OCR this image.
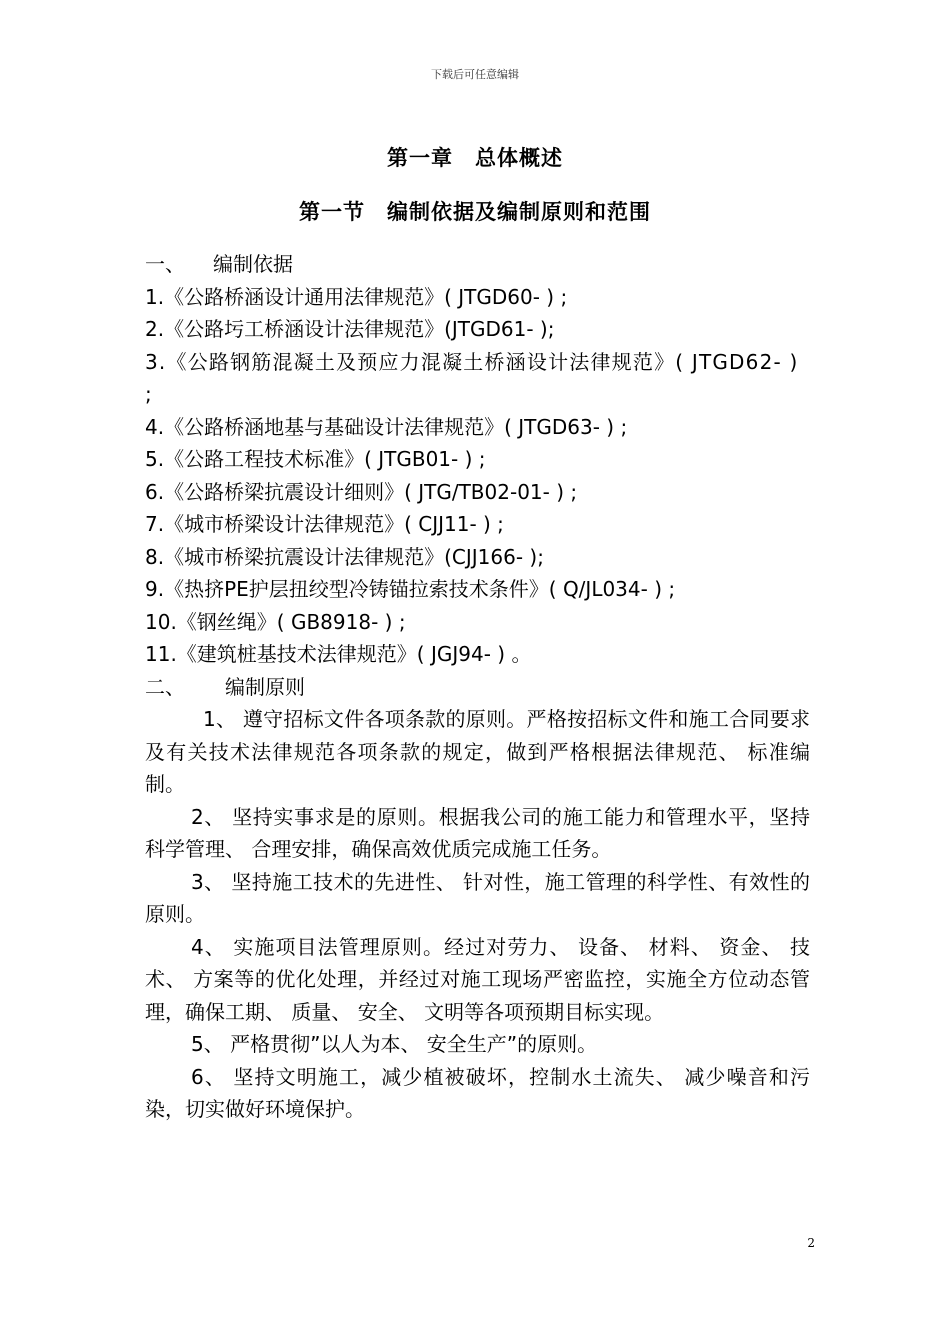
下载后可任意编辑
第一章　总体概述
第一节　编制依据及编制原则和范围
一、 编制依据
1.《公路桥涵设计通用法律规范》( JTGD60- ) ;
2.《公路圬工桥涵设计法律规范》(JTGD61- );
3.《公路钢筋混凝土及预应力混凝土桥涵设计法律规范》( JTGD62- ) ;
4.《公路桥涵地基与基础设计法律规范》( JTGD63- ) ;
5.《公路工程技术标准》( JTGB01- ) ;
6.《公路桥梁抗震设计细则》( JTG/TB02-01- ) ;
7.《城市桥梁设计法律规范》( CJJ11- ) ;
8.《城市桥梁抗震设计法律规范》(CJJ166- );
9.《热挤PE护层扭绞型冷铸锚拉索技术条件》( Q/JL034- ) ;
10.《钢丝绳》( GB8918- ) ;
11.《建筑桩基技术法律规范》( JGJ94- ) 。
二、 编制原则
1、 遵守招标文件各项条款的原则。严格按招标文件和施工合同要求及有关技术法律规范各项条款的规定，做到严格根据法律规范、 标准编制。
2、 坚持实事求是的原则。根据我公司的施工能力和管理水平，坚持科学管理、 合理安排，确保高效优质完成施工任务。
3、 坚持施工技术的先进性、 针对性，施工管理的科学性、有效性的原则。
4、 实施项目法管理原则。经过对劳力、 设备、 材料、 资金、 技术、 方案等的优化处理，并经过对施工现场严密监控，实施全方位动态管理，确保工期、 质量、 安全、 文明等各项预期目标实现。
5、 严格贯彻”以人为本、 安全生产”的原则。
6、 坚持文明施工，减少植被破坏，控制水土流失、 减少噪音和污染，切实做好环境保护。
2
